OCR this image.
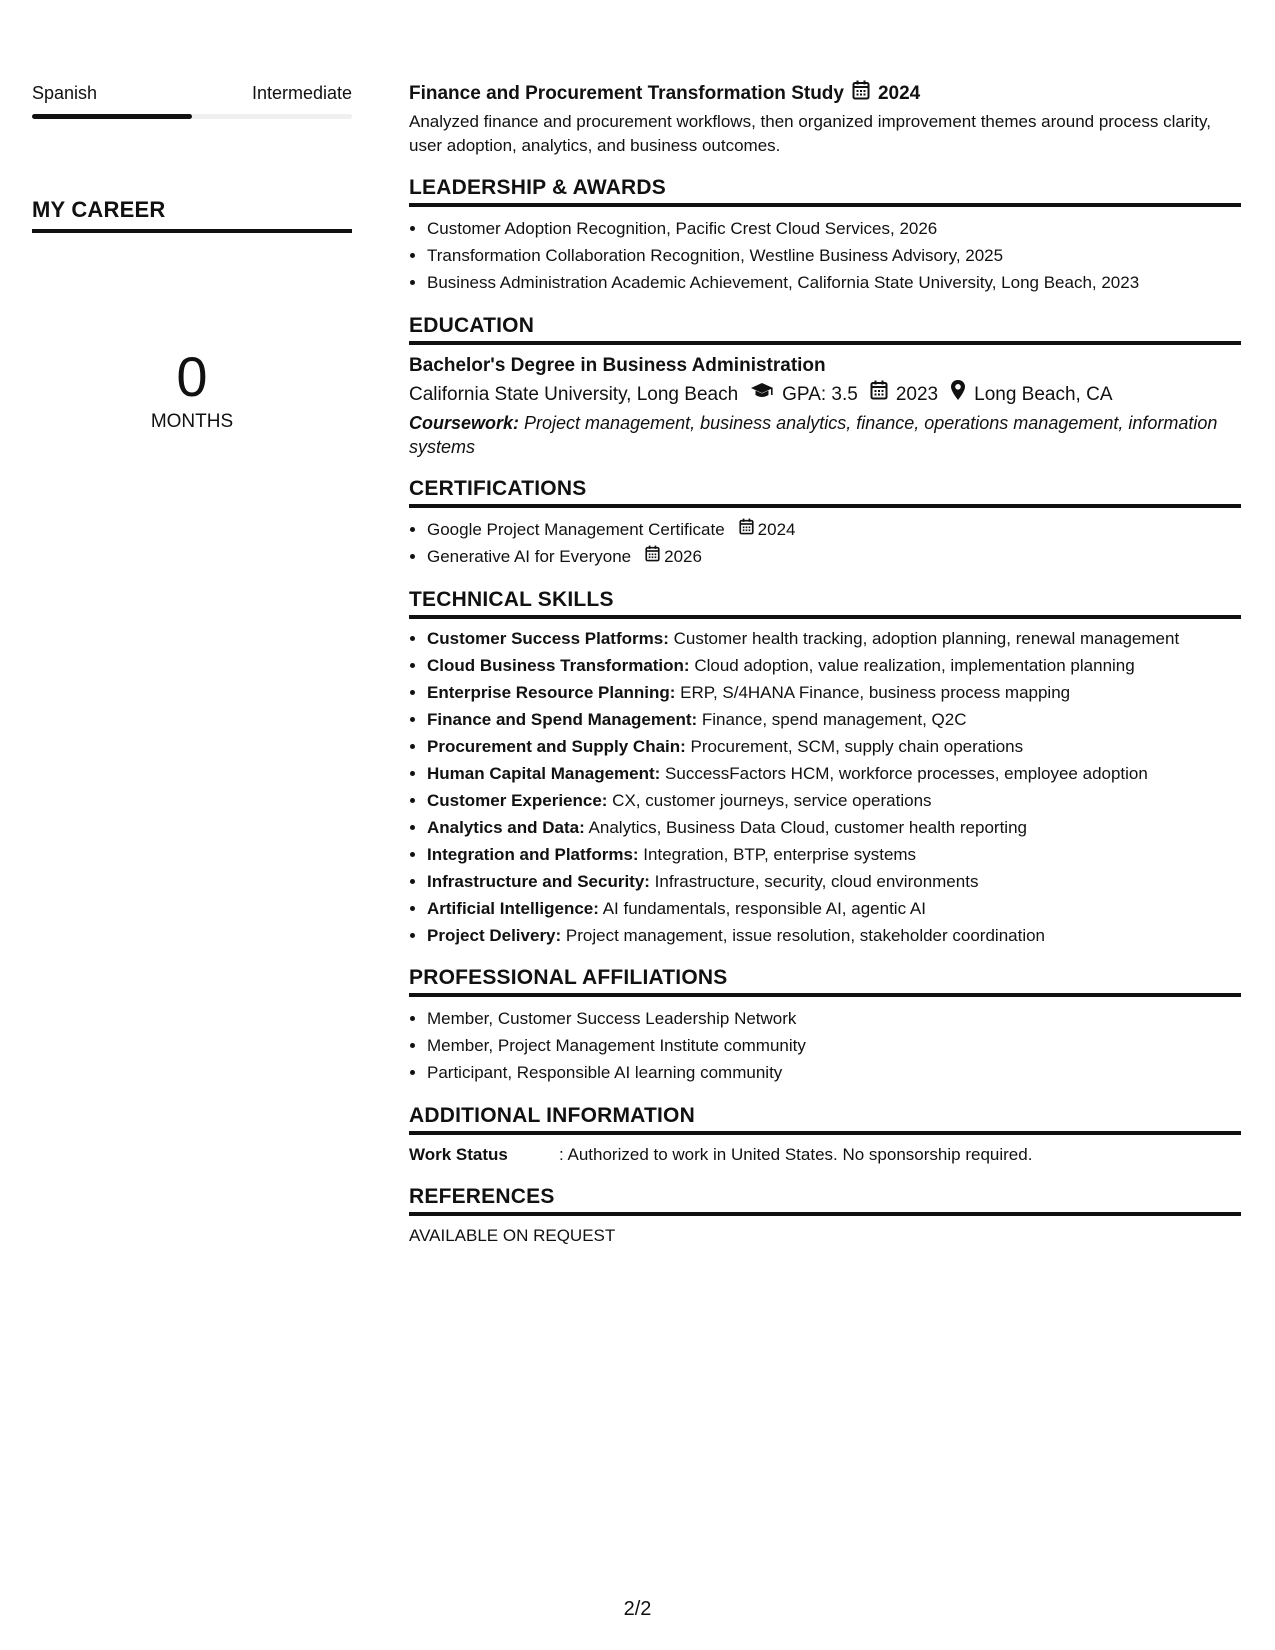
Spanish	Intermediate
MY CAREER
0
MONTHS
Finance and Procurement Transformation Study 2024
Analyzed finance and procurement workflows, then organized improvement themes around process clarity, user adoption, analytics, and business outcomes.
LEADERSHIP & AWARDS
• Customer Adoption Recognition, Pacific Crest Cloud Services, 2026
• Transformation Collaboration Recognition, Westline Business Advisory, 2025
• Business Administration Academic Achievement, California State University, Long Beach, 2023
EDUCATION
Bachelor's Degree in Business Administration
California State University, Long Beach GPA: 3.5 2023 Long Beach, CA
Coursework: Project management, business analytics, finance, operations management, information systems
CERTIFICATIONS
• Google Project Management Certificate 2024
• Generative AI for Everyone 2026
TECHNICAL SKILLS
• Customer Success Platforms: Customer health tracking, adoption planning, renewal management
• Cloud Business Transformation: Cloud adoption, value realization, implementation planning
• Enterprise Resource Planning: ERP, S/4HANA Finance, business process mapping
• Finance and Spend Management: Finance, spend management, Q2C
• Procurement and Supply Chain: Procurement, SCM, supply chain operations
• Human Capital Management: SuccessFactors HCM, workforce processes, employee adoption
• Customer Experience: CX, customer journeys, service operations
• Analytics and Data: Analytics, Business Data Cloud, customer health reporting
• Integration and Platforms: Integration, BTP, enterprise systems
• Infrastructure and Security: Infrastructure, security, cloud environments
• Artificial Intelligence: AI fundamentals, responsible AI, agentic AI
• Project Delivery: Project management, issue resolution, stakeholder coordination
PROFESSIONAL AFFILIATIONS
• Member, Customer Success Leadership Network
• Member, Project Management Institute community
• Participant, Responsible AI learning community
ADDITIONAL INFORMATION
Work Status	: Authorized to work in United States. No sponsorship required.
REFERENCES
AVAILABLE ON REQUEST
2/2
